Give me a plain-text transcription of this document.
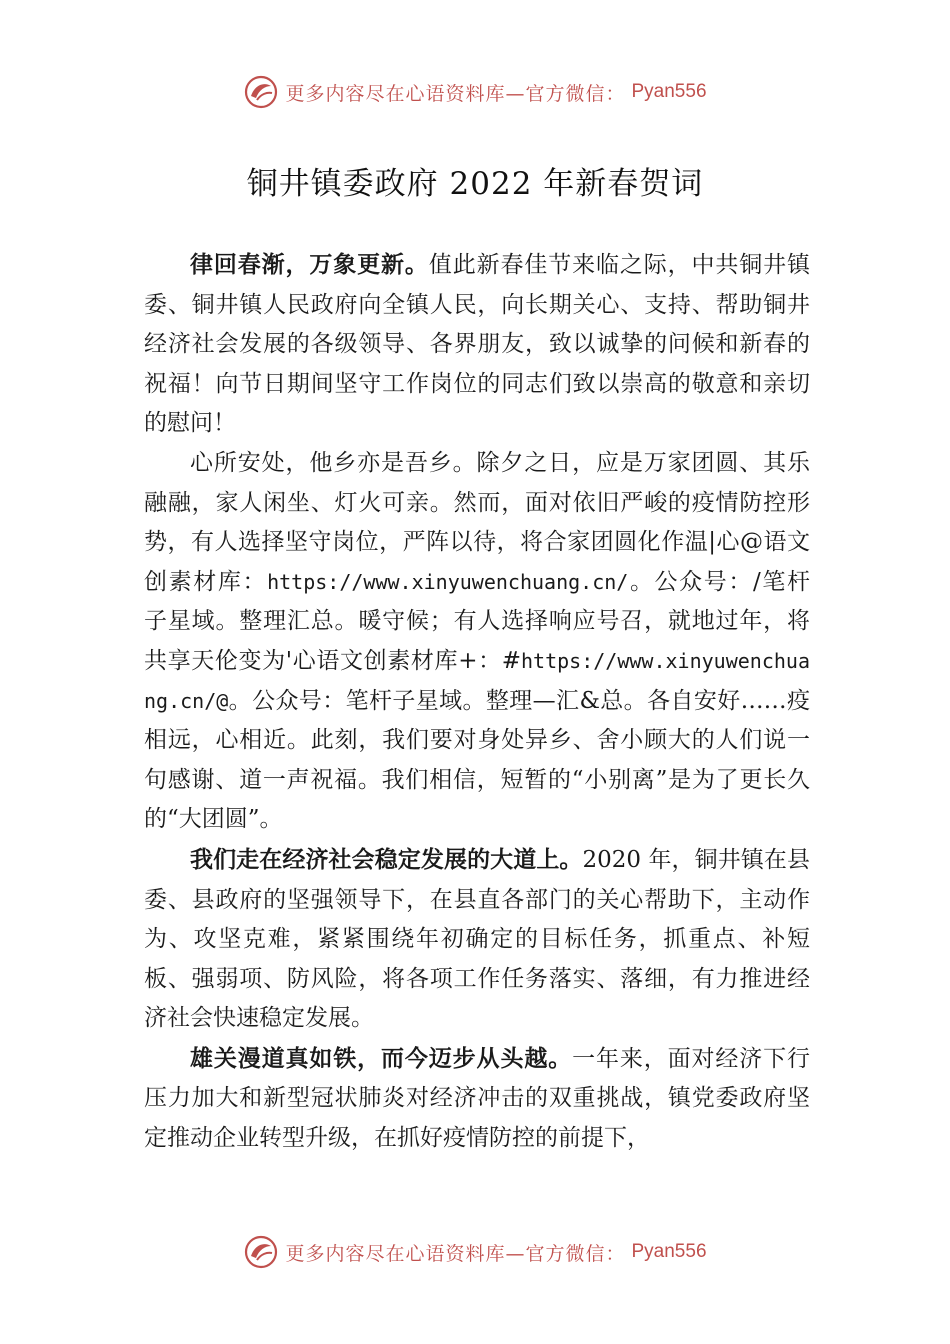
更多内容尽在心语资料库—官方微信： Pyan556
铜井镇委政府 2022 年新春贺词

律回春渐，万象更新。值此新春佳节来临之际，中共铜井镇委、铜井镇人民政府向全镇人民，向长期关心、支持、帮助铜井经济社会发展的各级领导、各界朋友，致以诚挚的问候和新春的祝福！向节日期间坚守工作岗位的同志们致以崇高的敬意和亲切的慰问！

心所安处，他乡亦是吾乡。除夕之日，应是万家团圆、其乐融融，家人闲坐、灯火可亲。然而，面对依旧严峻的疫情防控形势，有人选择坚守岗位，严阵以待，将合家团圆化作温|心@语文创素材库：https://www.xinyuwenchuang.cn/。公众号：/笔杆子星域。整理汇总。暖守候；有人选择响应号召，就地过年，将共享天伦变为'心语文创素材库+：#https://www.xinyuwenchuang.cn/@。公众号：笔杆子星域。整理—汇&总。各自安好……疫相远，心相近。此刻，我们要对身处异乡、舍小顾大的人们说一句感谢、道一声祝福。我们相信，短暂的“小别离”是为了更长久的“大团圆”。

我们走在经济社会稳定发展的大道上。2020 年，铜井镇在县委、县政府的坚强领导下，在县直各部门的关心帮助下，主动作为、攻坚克难，紧紧围绕年初确定的目标任务，抓重点、补短板、强弱项、防风险，将各项工作任务落实、落细，有力推进经济社会快速稳定发展。

雄关漫道真如铁，而今迈步从头越。一年来，面对经济下行压力加大和新型冠状肺炎对经济冲击的双重挑战，镇党委政府坚定推动企业转型升级，在抓好疫情防控的前提下，

更多内容尽在心语资料库—官方微信： Pyan556
